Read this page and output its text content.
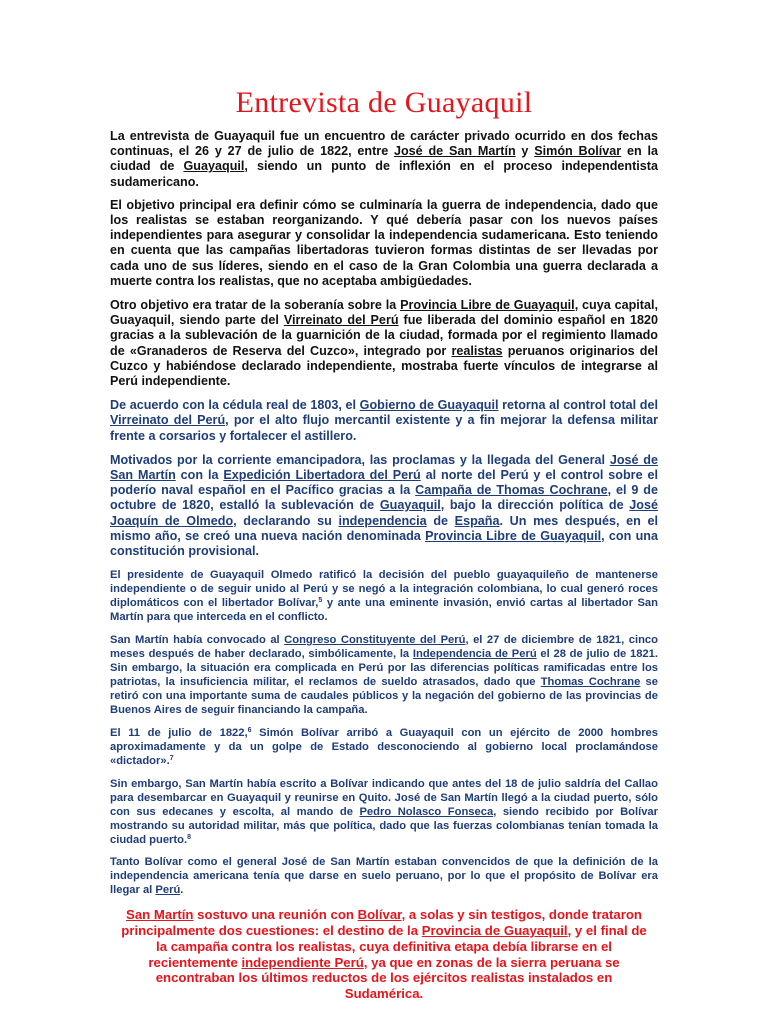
Entrevista de Guayaquil

La entrevista de Guayaquil fue un encuentro de carácter privado ocurrido en dos fechas continuas, el 26 y 27 de julio de 1822, entre José de San Martín y Simón Bolívar en la ciudad de Guayaquil, siendo un punto de inflexión en el proceso independentista sudamericano.

El objetivo principal era definir cómo se culminaría la guerra de independencia, dado que los realistas se estaban reorganizando. Y qué debería pasar con los nuevos países independientes para asegurar y consolidar la independencia sudamericana. Esto teniendo en cuenta que las campañas libertadoras tuvieron formas distintas de ser llevadas por cada uno de sus líderes, siendo en el caso de la Gran Colombia una guerra declarada a muerte contra los realistas, que no aceptaba ambigüedades.

Otro objetivo era tratar de la soberanía sobre la Provincia Libre de Guayaquil, cuya capital, Guayaquil, siendo parte del Virreinato del Perú fue liberada del dominio español en 1820 gracias a la sublevación de la guarnición de la ciudad, formada por el regimiento llamado de «Granaderos de Reserva del Cuzco», integrado por realistas peruanos originarios del Cuzco y habiéndose declarado independiente, mostraba fuerte vínculos de integrarse al Perú independiente.

De acuerdo con la cédula real de 1803, el Gobierno de Guayaquil retorna al control total del Virreinato del Perú, por el alto flujo mercantil existente y a fin mejorar la defensa militar frente a corsarios y fortalecer el astillero.

Motivados por la corriente emancipadora, las proclamas y la llegada del General José de San Martín con la Expedición Libertadora del Perú al norte del Perú y el control sobre el poderío naval español en el Pacífico gracias a la Campaña de Thomas Cochrane, el 9 de octubre de 1820, estalló la sublevación de Guayaquil, bajo la dirección política de José Joaquín de Olmedo, declarando su independencia de España. Un mes después, en el mismo año, se creó una nueva nación denominada Provincia Libre de Guayaquil, con una constitución provisional.

El presidente de Guayaquil Olmedo ratificó la decisión del pueblo guayaquileño de mantenerse independiente o de seguir unido al Perú y se negó a la integración colombiana, lo cual generó roces diplomáticos con el libertador Bolívar,$^5$ y ante una eminente invasión, envió cartas al libertador San Martín para que interceda en el conflicto.

San Martín había convocado al Congreso Constituyente del Perú, el 27 de diciembre de 1821, cinco meses después de haber declarado, simbólicamente, la Independencia de Perú el 28 de julio de 1821. Sin embargo, la situación era complicada en Perú por las diferencias políticas ramificadas entre los patriotas, la insuficiencia militar, el reclamos de sueldo atrasados, dado que Thomas Cochrane se retiró con una importante suma de caudales públicos y la negación del gobierno de las provincias de Buenos Aires de seguir financiando la campaña.

El 11 de julio de 1822,$^6$ Simón Bolívar arribó a Guayaquil con un ejército de 2000 hombres aproximadamente y da un golpe de Estado desconociendo al gobierno local proclamándose «dictador».$^7$

Sin embargo, San Martín había escrito a Bolívar indicando que antes del 18 de julio saldría del Callao para desembarcar en Guayaquil y reunirse en Quito. José de San Martín llegó a la ciudad puerto, sólo con sus edecanes y escolta, al mando de Pedro Nolasco Fonseca, siendo recibido por Bolívar mostrando su autoridad militar, más que política, dado que las fuerzas colombianas tenían tomada la ciudad puerto.$^8$

Tanto Bolívar como el general José de San Martín estaban convencidos de que la definición de la independencia americana tenía que darse en suelo peruano, por lo que el propósito de Bolívar era llegar al Perú.

San Martín sostuvo una reunión con Bolívar, a solas y sin testigos, donde trataron principalmente dos cuestiones: el destino de la Provincia de Guayaquil, y el final de la campaña contra los realistas, cuya definitiva etapa debía librarse en el recientemente independiente Perú, ya que en zonas de la sierra peruana se encontraban los últimos reductos de los ejércitos realistas instalados en Sudamérica.
